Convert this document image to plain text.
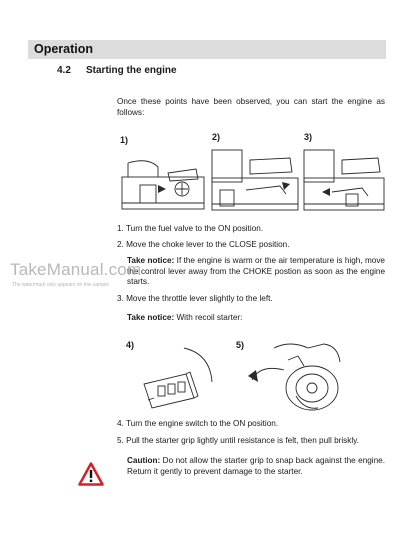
Operation
4.2 Starting the engine
Once these points have been observed, you can start the engine as follows:
1)	2)	3)
1. Turn the fuel valve to the ON position.
2. Move the choke lever to the CLOSE position.
Take notice: If the engine is warm or the air temperature is high, move the control lever away from the CHOKE postion as soon as the engine starts.
TakeManual.com
The watermark only appears on this sample
3. Move the throttle lever slightly to the left.
Take notice: With recoil starter:
4)	5)
4. Turn the engine switch to the ON position.
5. Pull the starter grip lightly until resistance is felt, then pull briskly.
Caution: Do not allow the starter grip to snap back against the engine. Return it gently to prevent damage to the starter.
